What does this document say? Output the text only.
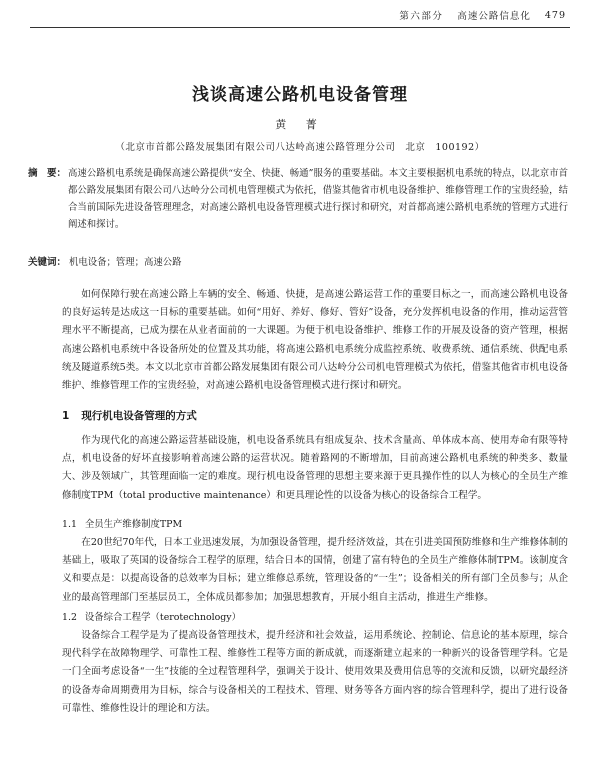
第六部分 高速公路信息化 479
浅谈高速公路机电设备管理
黄 菁
（北京市首都公路发展集团有限公司八达岭高速公路管理分公司　北京　100192）
摘　要： 高速公路机电系统是确保高速公路提供“安全、快捷、畅通”服务的重要基础。本文主要根据机电系统的特点，以北京市首都公路发展集团有限公司八达岭分公司机电管理模式为依托，借鉴其他省市机电设备维护、维修管理工作的宝贵经验，结合当前国际先进设备管理理念，对高速公路机电设备管理模式进行探讨和研究，对首都高速公路机电系统的管理方式进行阐述和探讨。
关键词： 机电设备；管理；高速公路

如何保障行驶在高速公路上车辆的安全、畅通、快捷，是高速公路运营工作的重要目标之一，而高速公路机电设备的良好运转是达成这一目标的重要基础。如何“用好、养好、修好、管好”设备，充分发挥机电设备的作用，推动运营管理水平不断提高，已成为摆在从业者面前的一大课题。为便于机电设备维护、维修工作的开展及设备的资产管理，根据高速公路机电系统中各设备所处的位置及其功能，将高速公路机电系统分成监控系统、收费系统、通信系统、供配电系统及隧道系统5类。本文以北京市首都公路发展集团有限公司八达岭分公司机电管理模式为依托，借鉴其他省市机电设备维护、维修管理工作的宝贵经验，对高速公路机电设备管理模式进行探讨和研究。

1 现行机电设备管理的方式

作为现代化的高速公路运营基础设施，机电设备系统具有组成复杂、技术含量高、单体成本高、使用寿命有限等特点，机电设备的好坏直接影响着高速公路的运营状况。随着路网的不断增加，目前高速公路机电系统的种类多、数量大、涉及领域广，其管理面临一定的难度。现行机电设备管理的思想主要来源于更具操作性的以人为核心的全员生产维修制度TPM（total productive maintenance）和更具理论性的以设备为核心的设备综合工程学。

1.1 全员生产维修制度TPM

在20世纪70年代，日本工业迅速发展，为加强设备管理，提升经济效益，其在引进美国预防维修和生产维修体制的基础上，吸取了英国的设备综合工程学的原理，结合日本的国情，创建了富有特色的全员生产维修体制TPM。该制度含义和要点是：以提高设备的总效率为目标；建立维修总系统，管理设备的“一生”；设备相关的所有部门全员参与；从企业的最高管理部门至基层员工，全体成员都参加；加强思想教育，开展小组自主活动，推进生产维修。

1.2 设备综合工程学（terotechnology）

设备综合工程学是为了提高设备管理技术，提升经济和社会效益，运用系统论、控制论、信息论的基本原理，综合现代科学在故障物理学、可靠性工程、维修性工程等方面的新成就，而逐渐建立起来的一种新兴的设备管理学科。它是一门全面考虑设备“一生”技能的全过程管理科学，强调关于设计、使用效果及费用信息等的交流和反馈，以研究最经济的设备寿命周期费用为目标，综合与设备相关的工程技术、管理、财务等各方面内容的综合管理科学，提出了进行设备可靠性、维修性设计的理论和方法。
